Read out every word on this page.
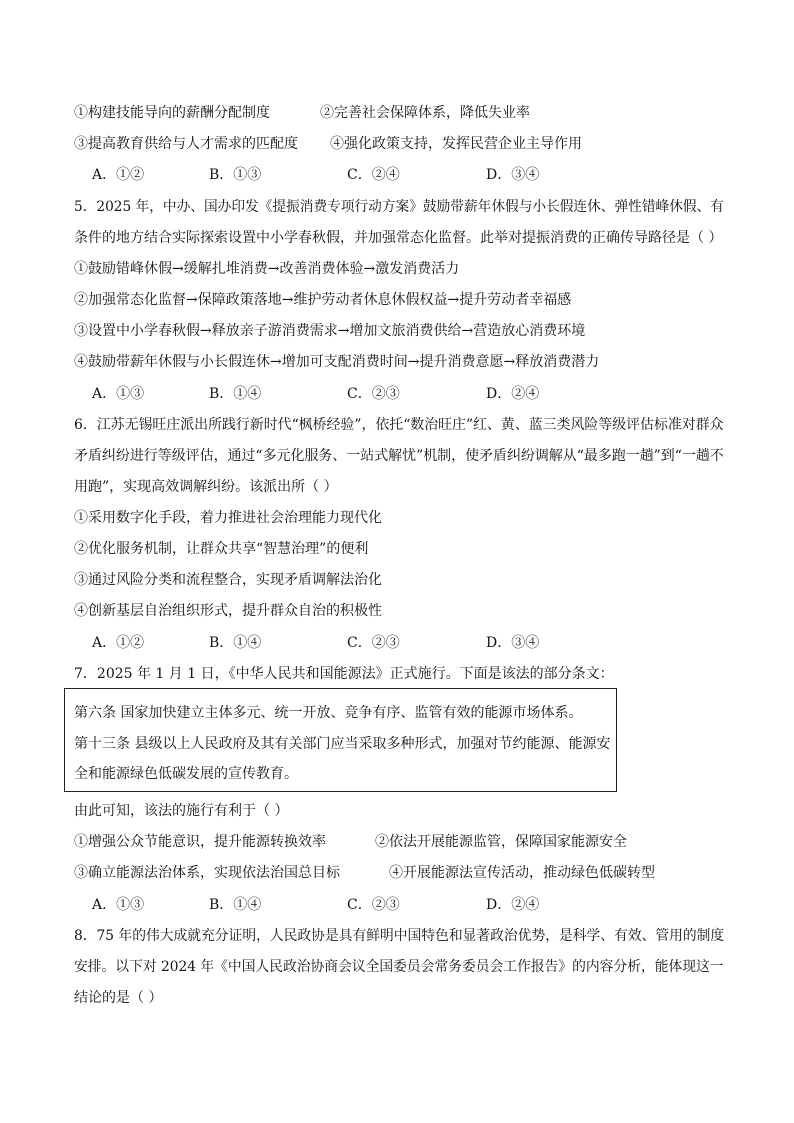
①构建技能导向的薪酬分配制度	②完善社会保障体系，降低失业率
③提高教育供给与人才需求的匹配度 ④强化政策支持，发挥民营企业主导作用
A．①②	B．①③	C．②④	D．③④
5．2025 年，中办、国办印发《提振消费专项行动方案》鼓励带薪年休假与小长假连休、弹性错峰休假、有
条件的地方结合实际探索设置中小学春秋假，并加强常态化监督。此举对提振消费的正确传导路径是（ ）
①鼓励错峰休假→缓解扎堆消费→改善消费体验→激发消费活力
②加强常态化监督→保障政策落地→维护劳动者休息休假权益→提升劳动者幸福感
③设置中小学春秋假→释放亲子游消费需求→增加文旅消费供给→营造放心消费环境
④鼓励带薪年休假与小长假连休→增加可支配消费时间→提升消费意愿→释放消费潜力
A．①③	B．①④	C．②③	D．②④
6．江苏无锡旺庄派出所践行新时代“枫桥经验”，依托“数治旺庄”红、黄、蓝三类风险等级评估标准对群众
矛盾纠纷进行等级评估，通过“多元化服务、一站式解忧”机制，使矛盾纠纷调解从“最多跑一趟”到“一趟不
用跑”，实现高效调解纠纷。该派出所（ ）
①采用数字化手段，着力推进社会治理能力现代化
②优化服务机制，让群众共享“智慧治理”的便利
③通过风险分类和流程整合，实现矛盾调解法治化
④创新基层自治组织形式，提升群众自治的积极性
A．①②	B．①④	C．②③	D．③④
7．2025 年 1 月 1 日，《中华人民共和国能源法》正式施行。下面是该法的部分条文：
第六条 国家加快建立主体多元、统一开放、竞争有序、监管有效的能源市场体系。
第十三条 县级以上人民政府及其有关部门应当采取多种形式，加强对节约能源、能源安
全和能源绿色低碳发展的宣传教育。
由此可知，该法的施行有利于（ ）
①增强公众节能意识，提升能源转换效率	②依法开展能源监管，保障国家能源安全
③确立能源法治体系，实现依法治国总目标	④开展能源法宣传活动，推动绿色低碳转型
A．①③	B．①④	C．②③	D．②④
8．75 年的伟大成就充分证明，人民政协是具有鲜明中国特色和显著政治优势，是科学、有效、管用的制度
安排。以下对 2024 年《中国人民政治协商会议全国委员会常务委员会工作报告》的内容分析，能体现这一
结论的是（ ）
